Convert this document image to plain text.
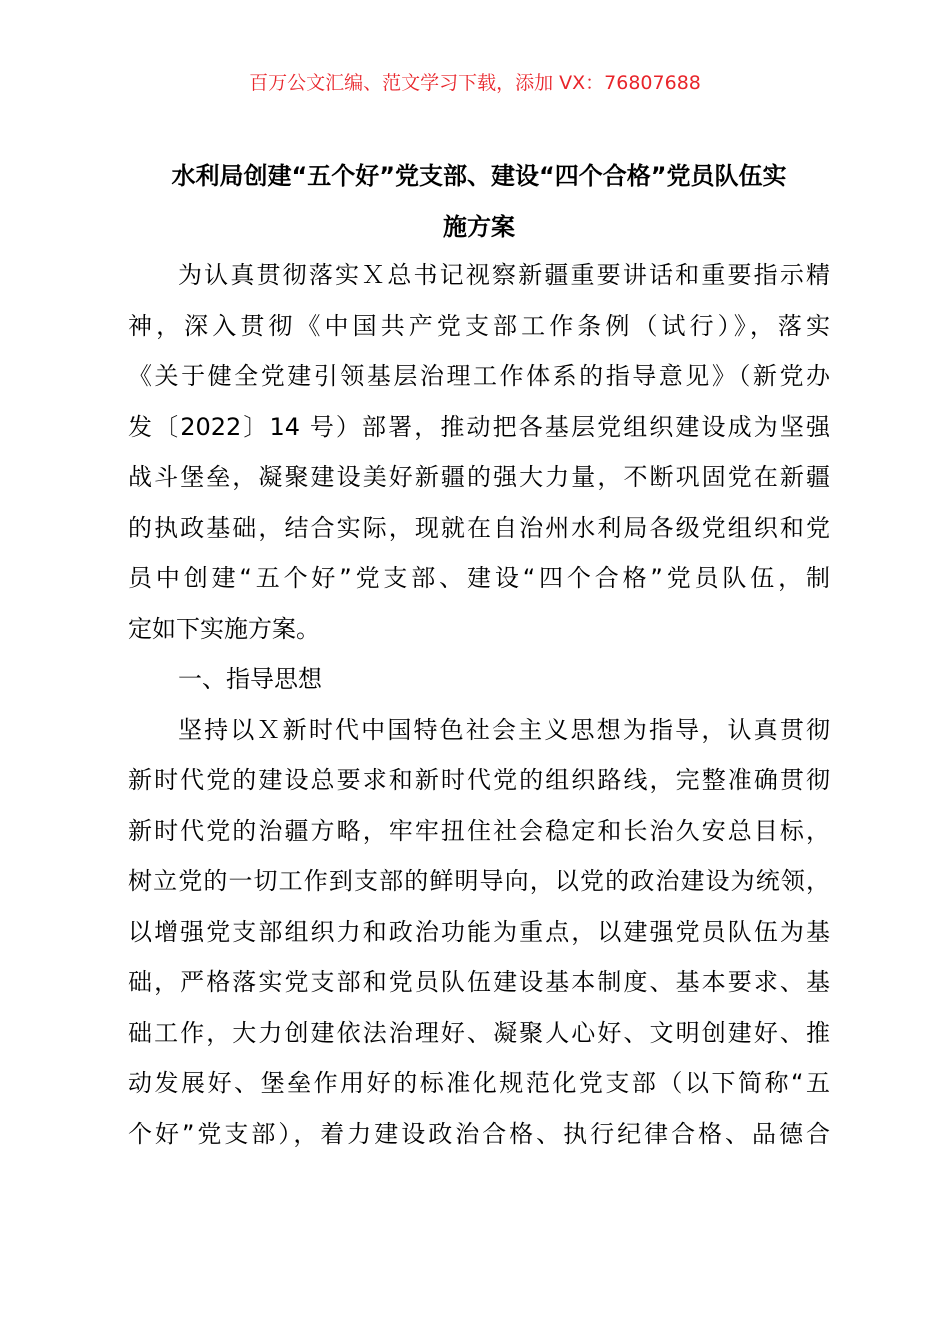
百万公文汇编、范文学习下载，添加 VX：76807688
水利局创建“五个好”党支部、建设“四个合格”党员队伍实
施方案
为认真贯彻落实Ｘ总书记视察新疆重要讲话和重要指示精
神，深入贯彻《中国共产党支部工作条例（试行）》，落实
《关于健全党建引领基层治理工作体系的指导意见》（新党办
发〔2022〕14 号）部署，推动把各基层党组织建设成为坚强
战斗堡垒，凝聚建设美好新疆的强大力量，不断巩固党在新疆
的执政基础，结合实际，现就在自治州水利局各级党组织和党
员中创建“五个好”党支部、建设“四个合格”党员队伍，制
定如下实施方案。
一、指导思想
坚持以Ｘ新时代中国特色社会主义思想为指导，认真贯彻
新时代党的建设总要求和新时代党的组织路线，完整准确贯彻
新时代党的治疆方略，牢牢扭住社会稳定和长治久安总目标，
树立党的一切工作到支部的鲜明导向，以党的政治建设为统领，
以增强党支部组织力和政治功能为重点，以建强党员队伍为基
础，严格落实党支部和党员队伍建设基本制度、基本要求、基
础工作，大力创建依法治理好、凝聚人心好、文明创建好、推
动发展好、堡垒作用好的标准化规范化党支部（以下简称“五
个好”党支部），着力建设政治合格、执行纪律合格、品德合
